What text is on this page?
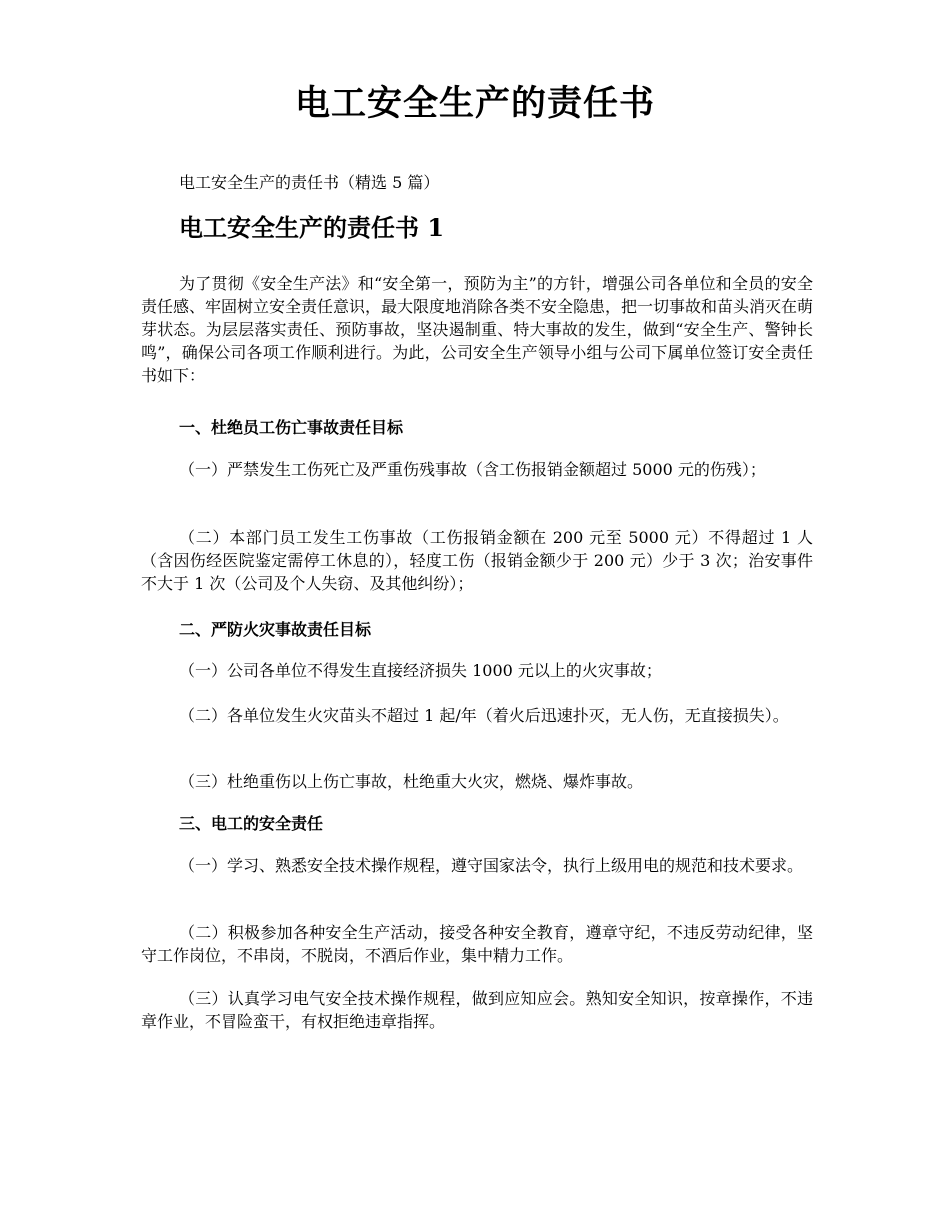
电工安全生产的责任书

电工安全生产的责任书（精选 5 篇）

电工安全生产的责任书 1

为了贯彻《安全生产法》和“安全第一，预防为主”的方针，增强公司各单位和全员的安全责任感、牢固树立安全责任意识，最大限度地消除各类不安全隐患，把一切事故和苗头消灭在萌芽状态。为层层落实责任、预防事故，坚决遏制重、特大事故的发生，做到“安全生产、警钟长鸣”，确保公司各项工作顺利进行。为此，公司安全生产领导小组与公司下属单位签订安全责任书如下：

一、杜绝员工伤亡事故责任目标

（一）严禁发生工伤死亡及严重伤残事故（含工伤报销金额超过 5000 元的伤残）；

（二）本部门员工发生工伤事故（工伤报销金额在 200 元至 5000 元）不得超过 1 人（含因伤经医院鉴定需停工休息的），轻度工伤（报销金额少于 200 元）少于 3 次；治安事件不大于 1 次（公司及个人失窃、及其他纠纷）；

二、严防火灾事故责任目标

（一）公司各单位不得发生直接经济损失 1000 元以上的火灾事故；

（二）各单位发生火灾苗头不超过 1 起/年（着火后迅速扑灭，无人伤，无直接损失）。

（三）杜绝重伤以上伤亡事故，杜绝重大火灾，燃烧、爆炸事故。

三、电工的安全责任

（一）学习、熟悉安全技术操作规程，遵守国家法令，执行上级用电的规范和技术要求。

（二）积极参加各种安全生产活动，接受各种安全教育，遵章守纪，不违反劳动纪律，坚守工作岗位，不串岗，不脱岗，不酒后作业，集中精力工作。

（三）认真学习电气安全技术操作规程，做到应知应会。熟知安全知识，按章操作，不违章作业，不冒险蛮干，有权拒绝违章指挥。
